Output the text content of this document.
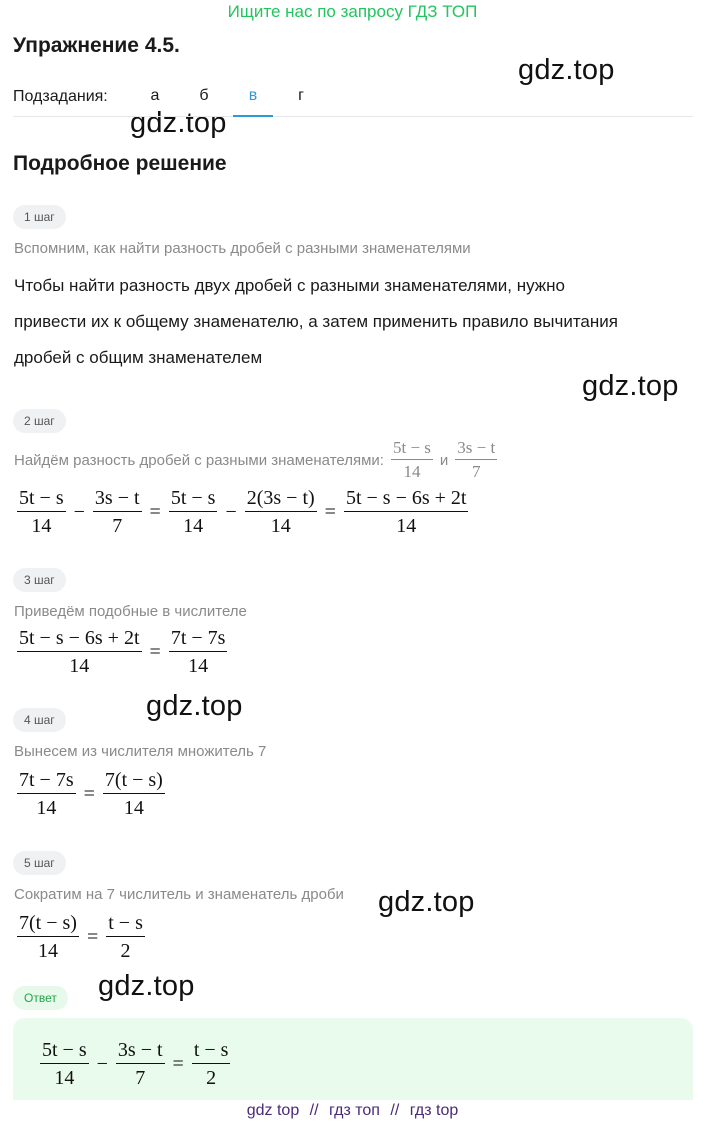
Ищите нас по запросу ГДЗ ТОП
Упражнение 4.5.
gdz.top
gdz.top
gdz.top
gdz.top
gdz.top
gdz.top
Подзадания:	а	б	в	г
Подробное решение
1 шаг
Вспомним, как найти разность дробей с разными знаменателями
Чтобы найти разность двух дробей с разными знаменателями, нужно
привести их к общему знаменателю, а затем применить правило вычитания
дробей с общим знаменателем
2 шаг
Найдём разность дробей с разными знаменателями: $\frac{5t - s}{14}$ и $\frac{3s - t}{7}$
$\frac{5t - s}{14} - \frac{3s - t}{7} = \frac{5t - s}{14} - \frac{2(3s - t)}{14} = \frac{5t - s - 6s + 2t}{14}$
3 шаг
Приведём подобные в числителе
$\frac{5t - s - 6s + 2t}{14} = \frac{7t - 7s}{14}$
4 шаг
Вынесем из числителя множитель 7
$\frac{7t - 7s}{14} = \frac{7(t - s)}{14}$
5 шаг
Сократим на 7 числитель и знаменатель дроби
$\frac{7(t - s)}{14} = \frac{t - s}{2}$
Ответ
$\frac{5t - s}{14} - \frac{3s - t}{7} = \frac{t - s}{2}$
gdz top // гдз топ // гдз top
